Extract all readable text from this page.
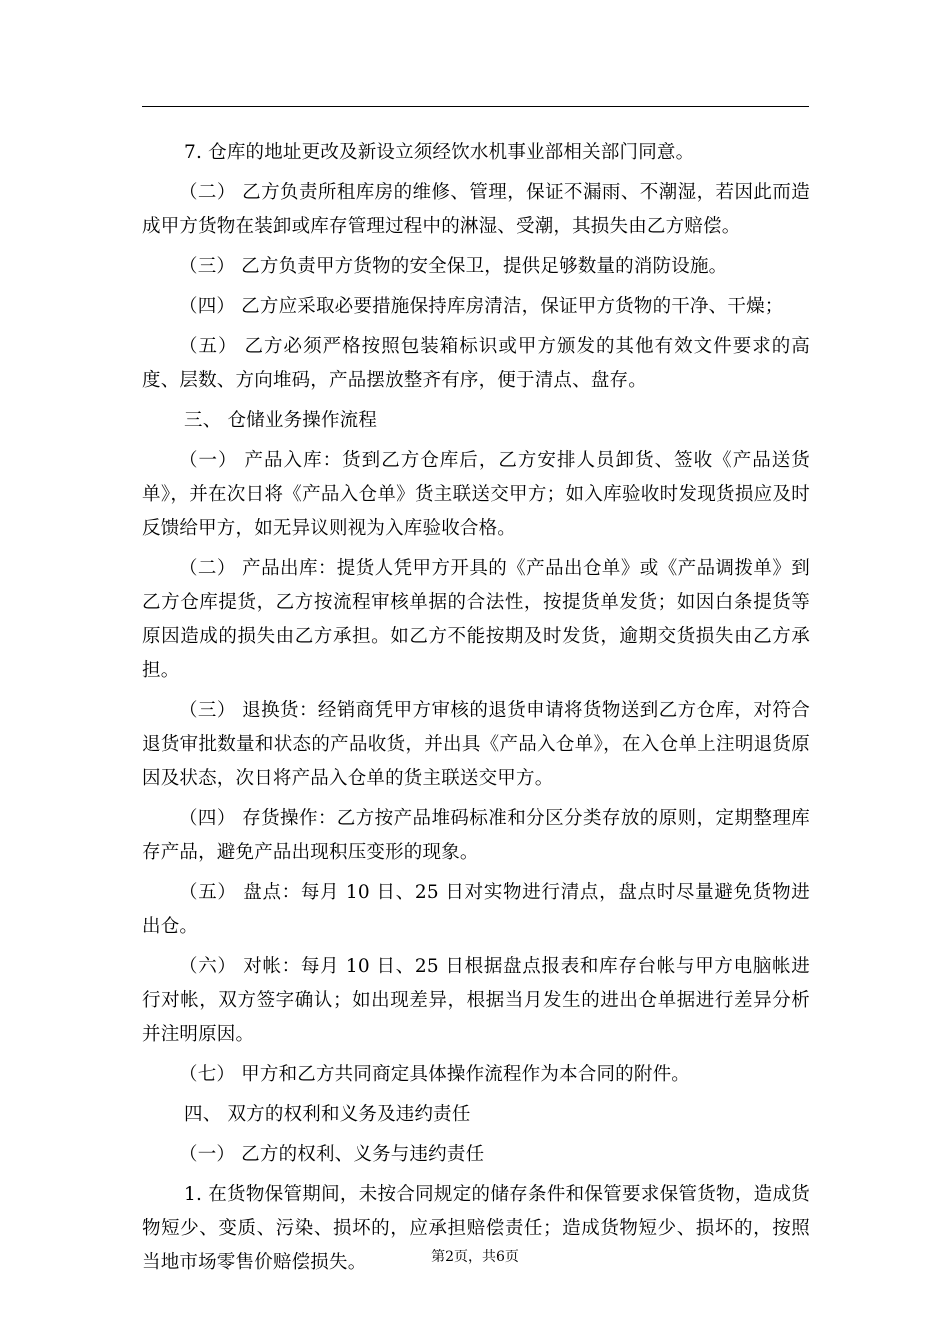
7. 仓库的地址更改及新设立须经饮水机事业部相关部门同意。

（二） 乙方负责所租库房的维修、管理，保证不漏雨、不潮湿，若因此而造成甲方货物在装卸或库存管理过程中的淋湿、受潮，其损失由乙方赔偿。

（三） 乙方负责甲方货物的安全保卫，提供足够数量的消防设施。

（四） 乙方应采取必要措施保持库房清洁，保证甲方货物的干净、干燥；

（五） 乙方必须严格按照包装箱标识或甲方颁发的其他有效文件要求的高度、层数、方向堆码，产品摆放整齐有序，便于清点、盘存。

三、 仓储业务操作流程

（一） 产品入库：货到乙方仓库后，乙方安排人员卸货、签收《产品送货单》，并在次日将《产品入仓单》货主联送交甲方；如入库验收时发现货损应及时反馈给甲方，如无异议则视为入库验收合格。

（二） 产品出库：提货人凭甲方开具的《产品出仓单》或《产品调拨单》到乙方仓库提货，乙方按流程审核单据的合法性，按提货单发货；如因白条提货等原因造成的损失由乙方承担。如乙方不能按期及时发货，逾期交货损失由乙方承担。

（三） 退换货：经销商凭甲方审核的退货申请将货物送到乙方仓库，对符合退货审批数量和状态的产品收货，并出具《产品入仓单》，在入仓单上注明退货原因及状态，次日将产品入仓单的货主联送交甲方。

（四） 存货操作：乙方按产品堆码标准和分区分类存放的原则，定期整理库存产品，避免产品出现积压变形的现象。

（五） 盘点：每月 10 日、25 日对实物进行清点，盘点时尽量避免货物进出仓。

（六） 对帐：每月 10 日、25 日根据盘点报表和库存台帐与甲方电脑帐进行对帐，双方签字确认；如出现差异，根据当月发生的进出仓单据进行差异分析并注明原因。

（七） 甲方和乙方共同商定具体操作流程作为本合同的附件。

四、 双方的权利和义务及违约责任

（一） 乙方的权利、义务与违约责任

1. 在货物保管期间，未按合同规定的储存条件和保管要求保管货物，造成货物短少、变质、污染、损坏的，应承担赔偿责任；造成货物短少、损坏的，按照当地市场零售价赔偿损失。	第2页，共6页
